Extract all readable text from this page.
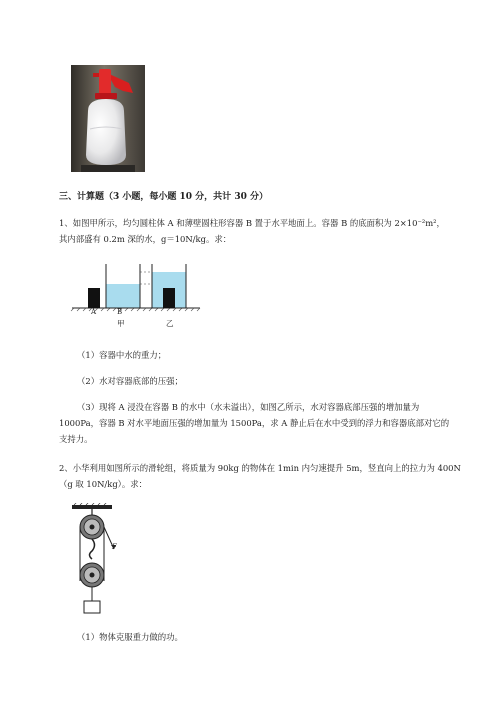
三、计算题（3 小题，每小题 10 分，共计 30 分）
1、如图甲所示，均匀圆柱体 A 和薄壁圆柱形容器 B 置于水平地面上。容器 B 的底面积为 2×10⁻²m²，
其内部盛有 0.2m 深的水，g＝10N/kg。求：
A	B
甲	乙
（1）容器中水的重力；
（2）水对容器底部的压强；
（3）现将 A 浸没在容器 B 的水中（水未溢出），如图乙所示，水对容器底部压强的增加量为
1000Pa，容器 B 对水平地面压强的增加量为 1500Pa，求 A 静止后在水中受到的浮力和容器底部对它的
支持力。
2、小华利用如图所示的滑轮组，将质量为 90kg 的物体在 1min 内匀速提升 5m，竖直向上的拉力为 400N
（g 取 10N/kg）。求：
F
（1）物体克服重力做的功。
